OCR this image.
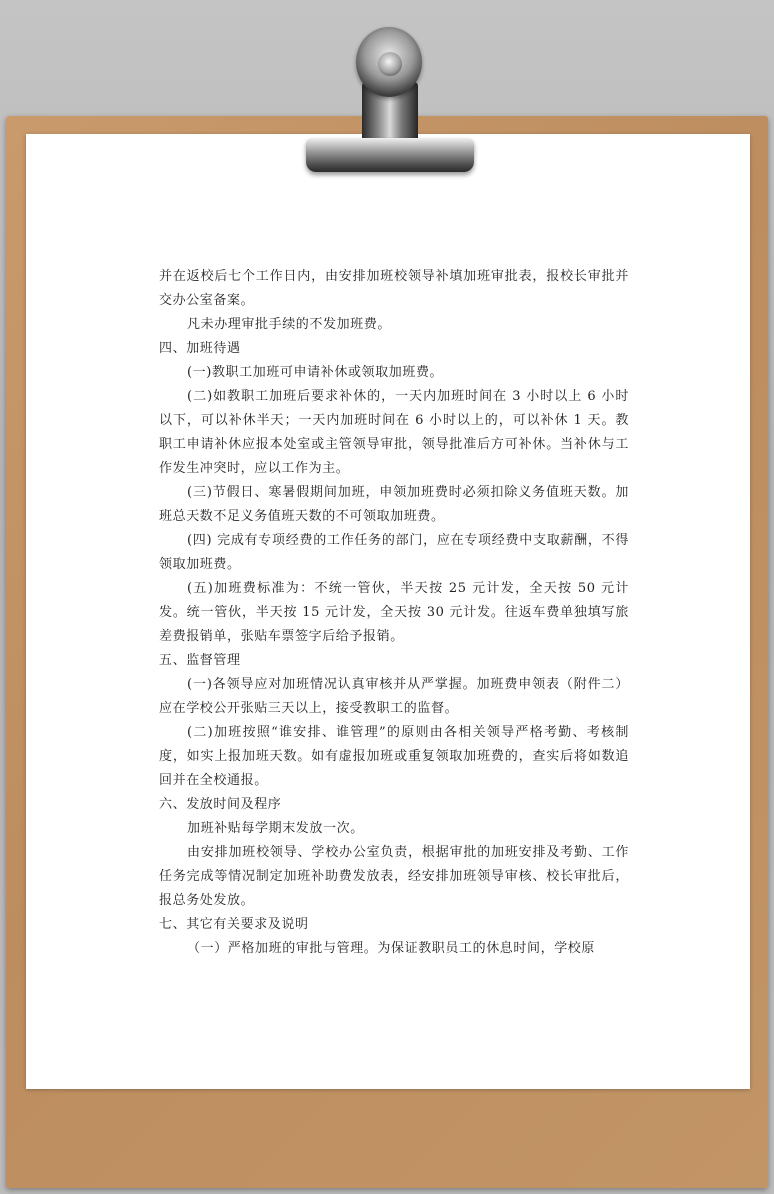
并在返校后七个工作日内，由安排加班校领导补填加班审批表，报校长审批并交办公室备案。

凡未办理审批手续的不发加班费。

四、加班待遇

(一)教职工加班可申请补休或领取加班费。

(二)如教职工加班后要求补休的，一天内加班时间在 3 小时以上 6 小时以下，可以补休半天；一天内加班时间在 6 小时以上的，可以补休 1 天。教职工申请补休应报本处室或主管领导审批，领导批准后方可补休。当补休与工作发生冲突时，应以工作为主。

(三)节假日、寒暑假期间加班，申领加班费时必须扣除义务值班天数。加班总天数不足义务值班天数的不可领取加班费。

(四) 完成有专项经费的工作任务的部门，应在专项经费中支取薪酬，不得领取加班费。

(五)加班费标准为：不统一管伙，半天按 25 元计发，全天按 50 元计发。统一管伙，半天按 15 元计发，全天按 30 元计发。往返车费单独填写旅差费报销单，张贴车票签字后给予报销。

五、监督管理

(一)各领导应对加班情况认真审核并从严掌握。加班费申领表（附件二）应在学校公开张贴三天以上，接受教职工的监督。

(二)加班按照“谁安排、谁管理”的原则由各相关领导严格考勤、考核制度，如实上报加班天数。如有虚报加班或重复领取加班费的，查实后将如数追回并在全校通报。

六、发放时间及程序

加班补贴每学期末发放一次。

由安排加班校领导、学校办公室负责，根据审批的加班安排及考勤、工作任务完成等情况制定加班补助费发放表，经安排加班领导审核、校长审批后，报总务处发放。

七、其它有关要求及说明

（一）严格加班的审批与管理。为保证教职员工的休息时间，学校原
